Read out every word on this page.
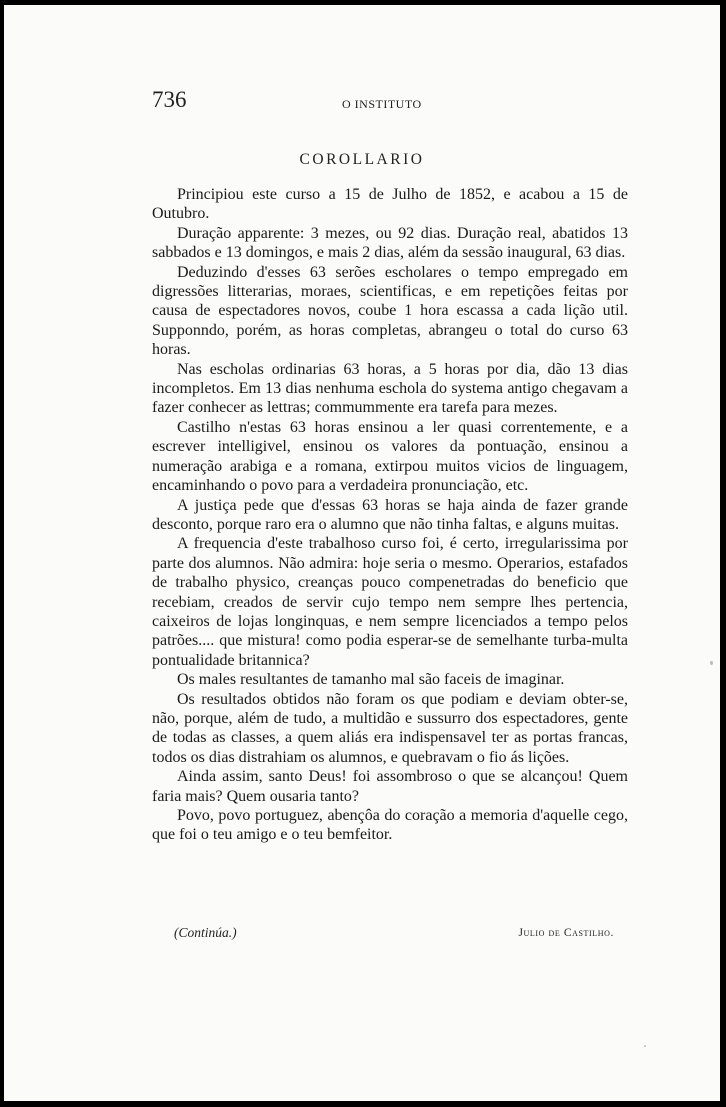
736	O INSTITUTO
COROLLARIO

Principiou este curso a 15 de Julho de 1852, e acabou a 15 de Outubro.

Duração apparente: 3 mezes, ou 92 dias. Duração real, abatidos 13 sabbados e 13 domingos, e mais 2 dias, além da sessão inaugural, 63 dias.

Deduzindo d'esses 63 serões escholares o tempo empregado em digressões litterarias, moraes, scientificas, e em repetições feitas por causa de espectadores novos, coube 1 hora escassa a cada lição util. Supponndo, porém, as horas completas, abrangeu o total do curso 63 horas.

Nas escholas ordinarias 63 horas, a 5 horas por dia, dão 13 dias incompletos. Em 13 dias nenhuma eschola do systema antigo chegavam a fazer conhecer as lettras; commummente era tarefa para mezes.

Castilho n'estas 63 horas ensinou a ler quasi correntemente, e a escrever intelligivel, ensinou os valores da pontuação, ensinou a numeração arabiga e a romana, extirpou muitos vicios de linguagem, encaminhando o povo para a verdadeira pronunciação, etc.

A justiça pede que d'essas 63 horas se haja ainda de fazer grande desconto, porque raro era o alumno que não tinha faltas, e alguns muitas.

A frequencia d'este trabalhoso curso foi, é certo, irregularissima por parte dos alumnos. Não admira: hoje seria o mesmo. Operarios, estafados de trabalho physico, creanças pouco compenetradas do beneficio que recebiam, creados de servir cujo tempo nem sempre lhes pertencia, caixeiros de lojas longinquas, e nem sempre licenciados a tempo pelos patrões.... que mistura! como podia esperar-se de semelhante turba-multa pontualidade britannica?

Os males resultantes de tamanho mal são faceis de imaginar.

Os resultados obtidos não foram os que podiam e deviam obter-se, não, porque, além de tudo, a multidão e sussurro dos espectadores, gente de todas as classes, a quem aliás era indispensavel ter as portas francas, todos os dias distrahiam os alumnos, e quebravam o fio ás lições.

Ainda assim, santo Deus! foi assombroso o que se alcançou! Quem faria mais? Quem ousaria tanto?

Povo, povo portuguez, abençôa do coração a memoria d'aquelle cego, que foi o teu amigo e o teu bemfeitor.

(Continúa.)	Julio de Castilho.
